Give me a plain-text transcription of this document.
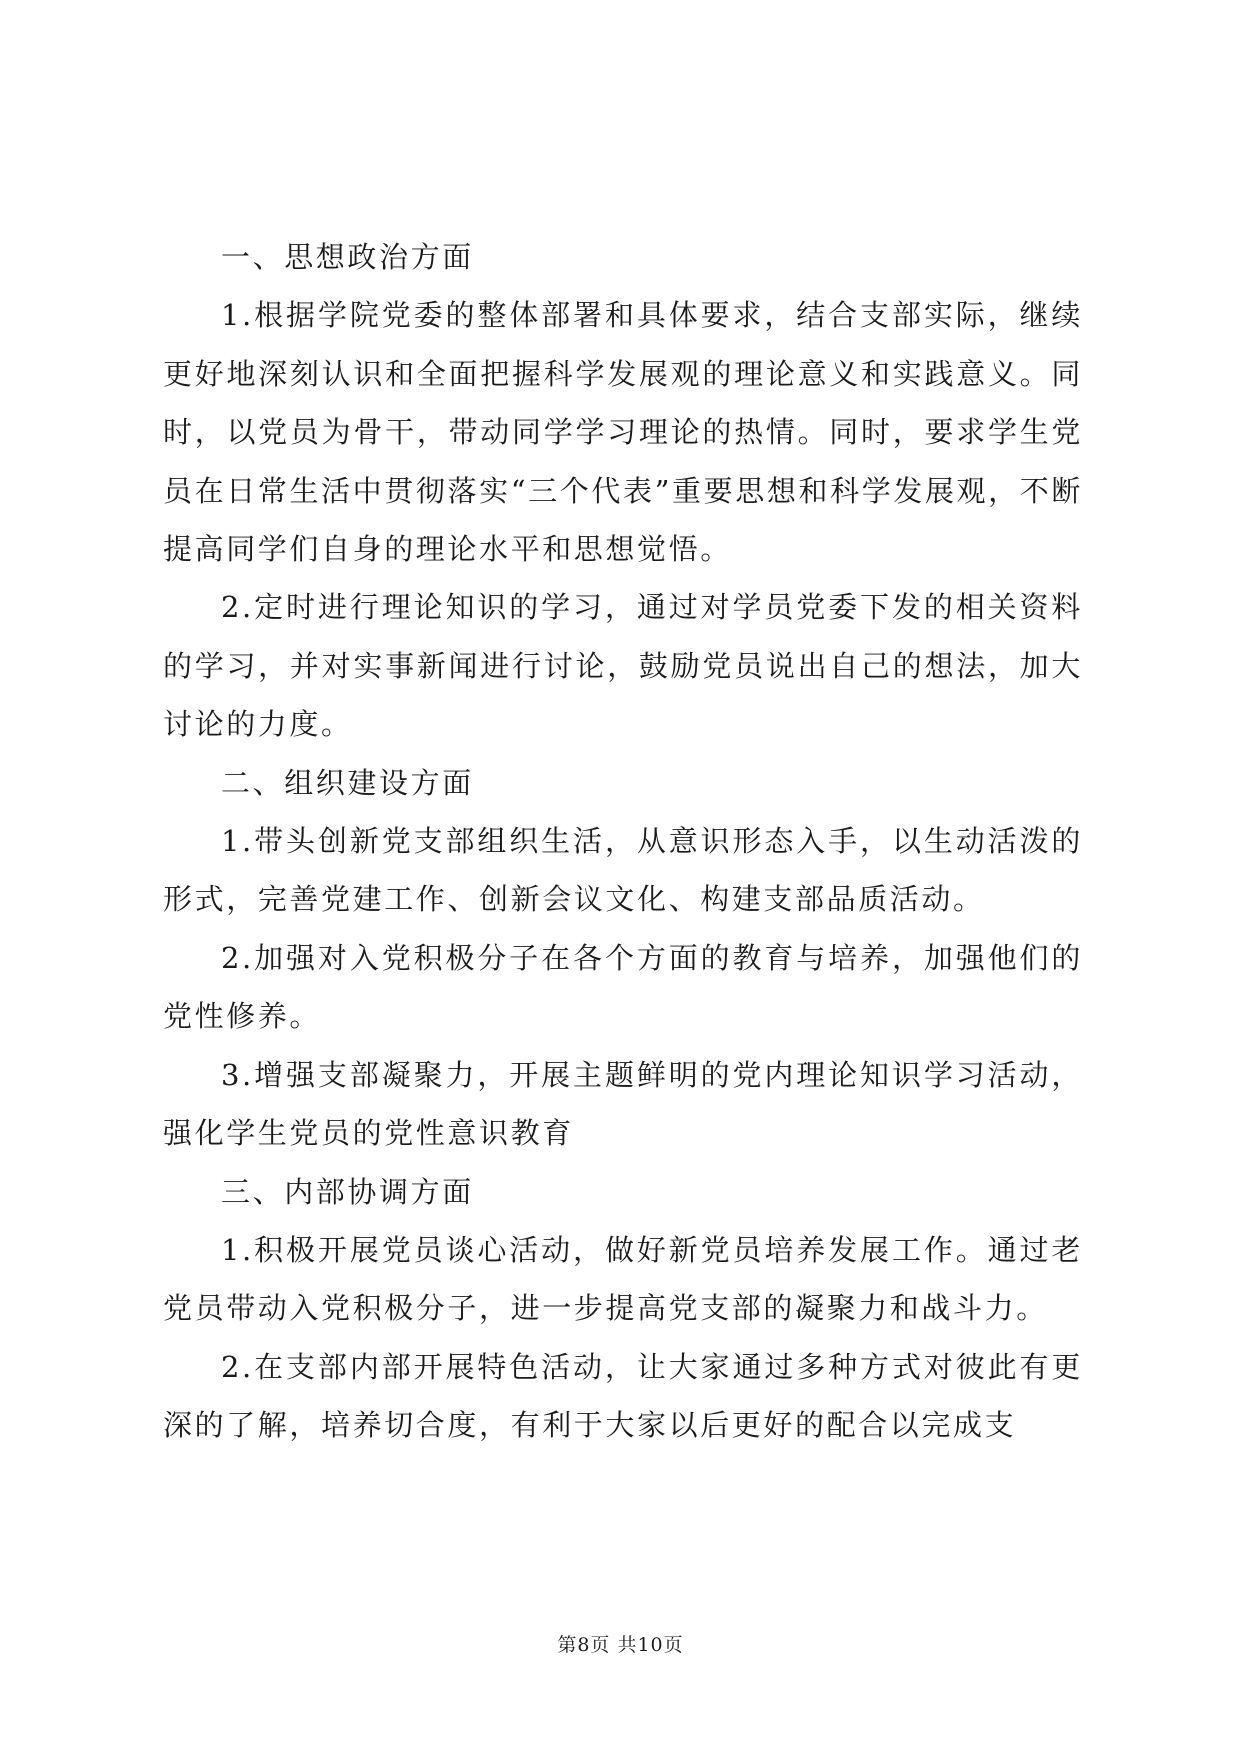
一、思想政治方面

1.根据学院党委的整体部署和具体要求，结合支部实际，继续更好地深刻认识和全面把握科学发展观的理论意义和实践意义。同时，以党员为骨干，带动同学学习理论的热情。同时，要求学生党员在日常生活中贯彻落实“三个代表”重要思想和科学发展观，不断提高同学们自身的理论水平和思想觉悟。

2.定时进行理论知识的学习，通过对学员党委下发的相关资料的学习，并对实事新闻进行讨论，鼓励党员说出自己的想法，加大讨论的力度。

二、组织建设方面

1.带头创新党支部组织生活，从意识形态入手，以生动活泼的形式，完善党建工作、创新会议文化、构建支部品质活动。

2.加强对入党积极分子在各个方面的教育与培养，加强他们的党性修养。

3.增强支部凝聚力，开展主题鲜明的党内理论知识学习活动，强化学生党员的党性意识教育

三、内部协调方面

1.积极开展党员谈心活动，做好新党员培养发展工作。通过老党员带动入党积极分子，进一步提高党支部的凝聚力和战斗力。

2.在支部内部开展特色活动，让大家通过多种方式对彼此有更深的了解，培养切合度，有利于大家以后更好的配合以完成支

第8页 共10页
